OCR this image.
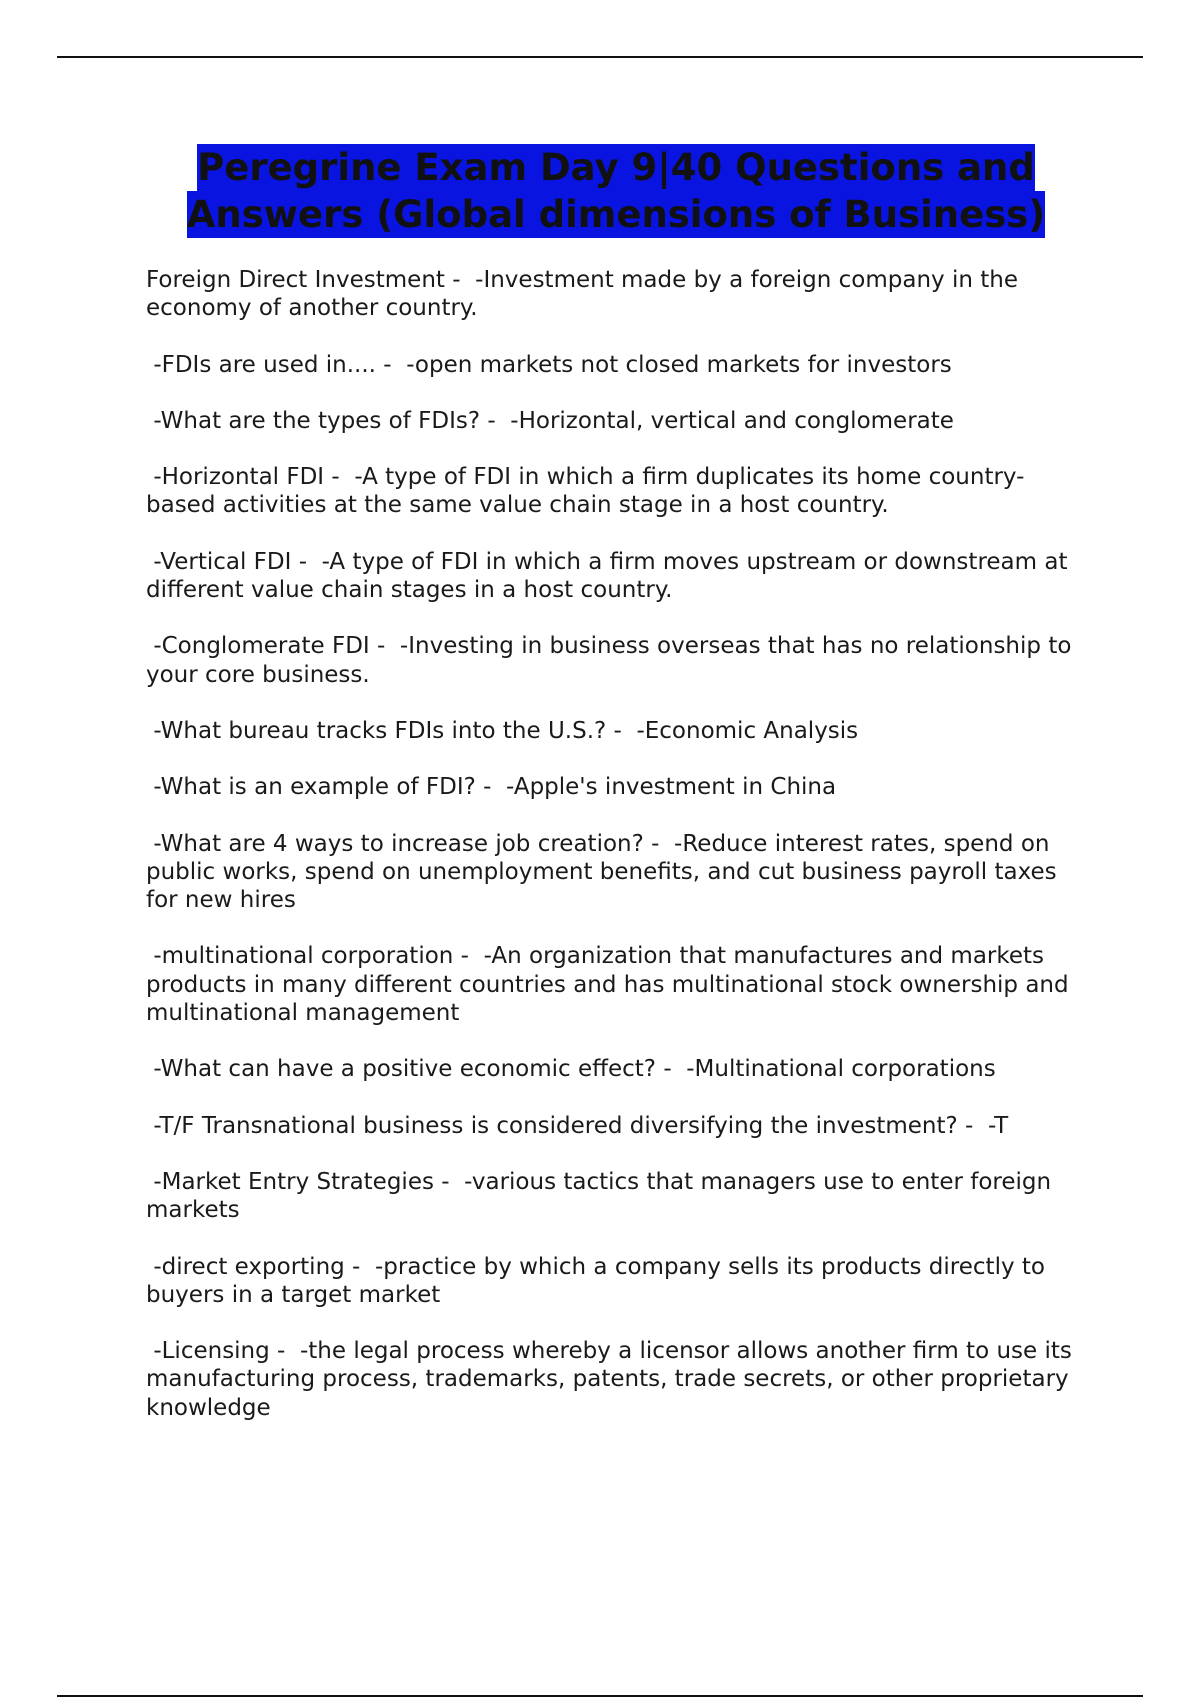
Peregrine Exam Day 9|40 Questions and Answers (Global dimensions of Business)
Foreign Direct Investment -  -Investment made by a foreign company in the economy of another country.
-FDIs are used in.... -  -open markets not closed markets for investors
-What are the types of FDIs? -  -Horizontal, vertical and conglomerate
-Horizontal FDI -  -A type of FDI in which a firm duplicates its home country-based activities at the same value chain stage in a host country.
-Vertical FDI -  -A type of FDI in which a firm moves upstream or downstream at different value chain stages in a host country.
-Conglomerate FDI -  -Investing in business overseas that has no relationship to your core business.
-What bureau tracks FDIs into the U.S.? -  -Economic Analysis
-What is an example of FDI? -  -Apple's investment in China
-What are 4 ways to increase job creation? -  -Reduce interest rates, spend on public works, spend on unemployment benefits, and cut business payroll taxes for new hires
-multinational corporation -  -An organization that manufactures and markets products in many different countries and has multinational stock ownership and multinational management
-What can have a positive economic effect? -  -Multinational corporations
-T/F Transnational business is considered diversifying the investment? -  -T
-Market Entry Strategies -  -various tactics that managers use to enter foreign markets
-direct exporting -  -practice by which a company sells its products directly to buyers in a target market
-Licensing -  -the legal process whereby a licensor allows another firm to use its manufacturing process, trademarks, patents, trade secrets, or other proprietary knowledge
